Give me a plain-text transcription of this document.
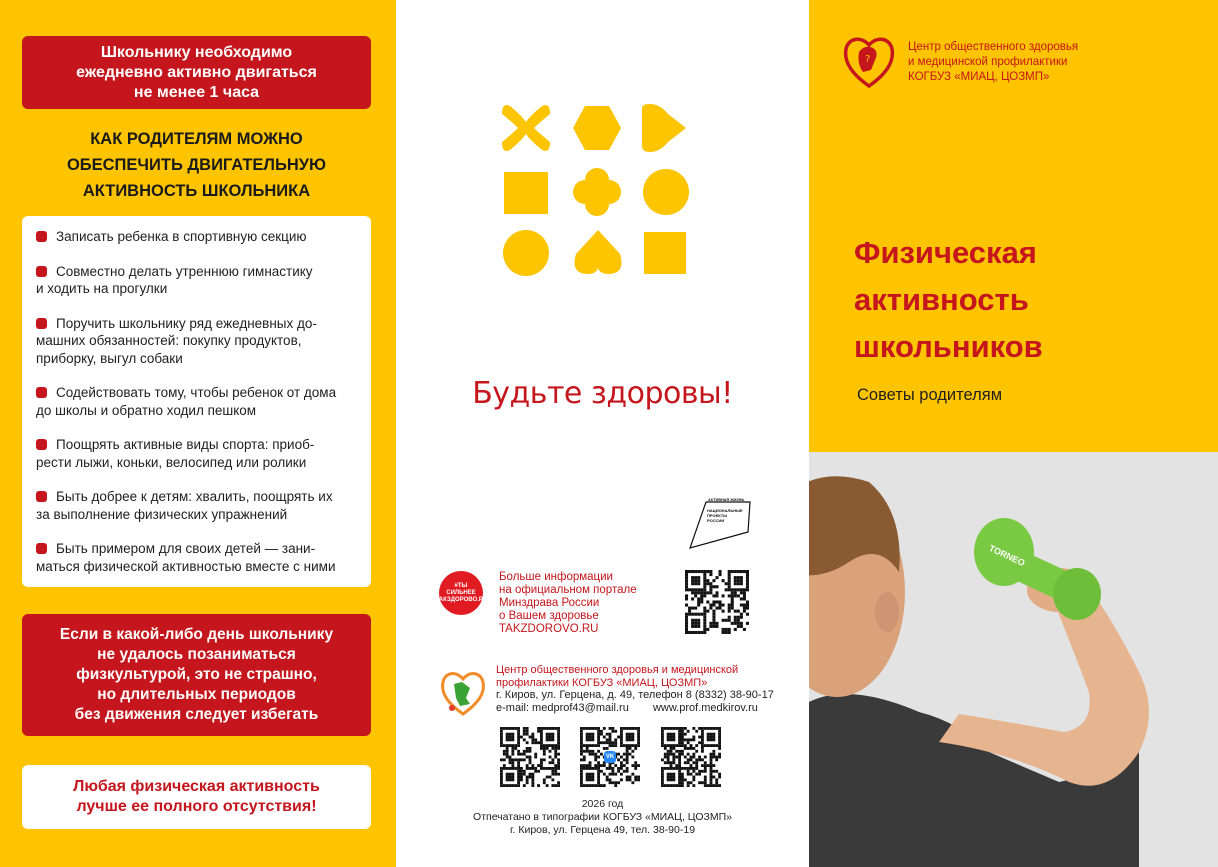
Школьнику необходимо
ежедневно активно двигаться
не менее 1 часа
КАК РОДИТЕЛЯМ МОЖНО
ОБЕСПЕЧИТЬ ДВИГАТЕЛЬНУЮ
АКТИВНОСТЬ ШКОЛЬНИКА
Записать ребенка в спортивную секцию
Совместно делать утреннюю гимнастику
и ходить на прогулки
Поручить школьнику ряд ежедневных до-
машних обязанностей: покупку продуктов,
приборку, выгул собаки
Содействовать тому, чтобы ребенок от дома
до школы и обратно ходил пешком
Поощрять активные виды спорта: приоб-
рести лыжи, коньки, велосипед или ролики
Быть добрее к детям: хвалить, поощрять их
за выполнение физических упражнений
Быть примером для своих детей — зани-
маться физической активностью вместе с ними
Если в какой-либо день школьнику
не удалось позаниматься
физкультурой, это не страшно,
но длительных периодов
без движения следует избегать
Любая физическая активность
лучше ее полного отсутствия!
Будьте здоровы!
АКТИВНАЯ ЖИЗНЬ
НАЦИОНАЛЬНЫЕ
ПРОЕКТЫ
РОССИИ
#ТЫ
СИЛЬНЕЕ
ТАКЗДОРОВО.РУ
Больше информации
на официальном портале
Минздрава России
о Вашем здоровье
TAKZDOROVO.RU
Центр общественного здоровья и медицинской
профилактики КОГБУЗ «МИАЦ, ЦОЗМП»
г. Киров, ул. Герцена, д. 49, телефон 8 (8332) 38-90-17
e-mail: medprof43@mail.ru www.prof.medkirov.ru
VK
2026 год
Отпечатано в типографии КОГБУЗ «МИАЦ, ЦОЗМП»
г. Киров, ул. Герцена 49, тел. 38-90-19
?
Центр общественного здоровья
и медицинской профилактики
КОГБУЗ «МИАЦ, ЦОЗМП»
Физическая
активность
школьников
Советы родителям
TORNEO
